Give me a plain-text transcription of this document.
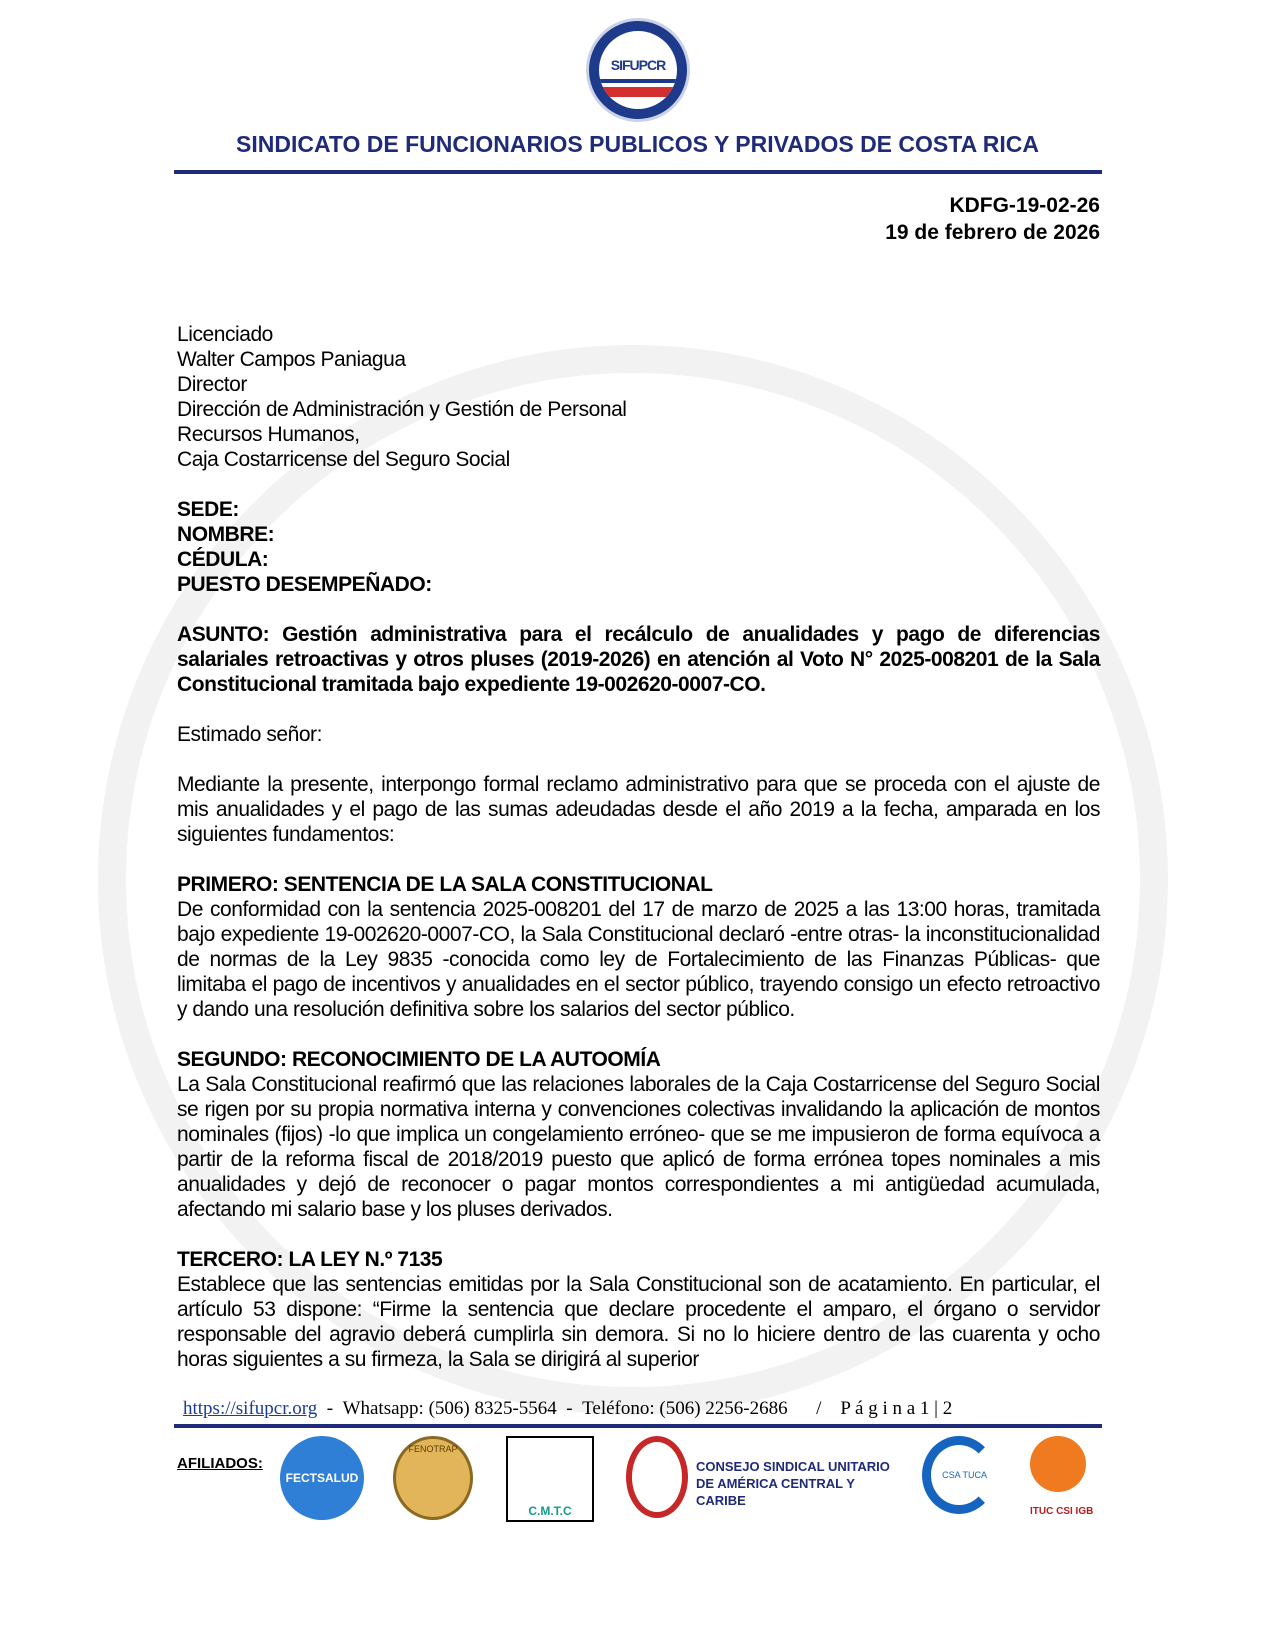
SIFUPCR
SINDICATO DE FUNCIONARIOS PUBLICOS Y PRIVADOS DE COSTA RICA
KDFG-19-02-26
19 de febrero de 2026
Licenciado
Walter Campos Paniagua
Director
Dirección de Administración y Gestión de Personal
Recursos Humanos,
Caja Costarricense del Seguro Social
SEDE:
NOMBRE:
CÉDULA:
PUESTO DESEMPEÑADO:

ASUNTO: Gestión administrativa para el recálculo de anualidades y pago de diferencias salariales retroactivas y otros pluses (2019-2026) en atención al Voto N° 2025-008201 de la Sala Constitucional tramitada bajo expediente 19-002620-0007-CO.

Estimado señor:

Mediante la presente, interpongo formal reclamo administrativo para que se proceda con el ajuste de mis anualidades y el pago de las sumas adeudadas desde el año 2019 a la fecha, amparada en los siguientes fundamentos:

PRIMERO: SENTENCIA DE LA SALA CONSTITUCIONAL

De conformidad con la sentencia 2025-008201 del 17 de marzo de 2025 a las 13:00 horas, tramitada bajo expediente 19-002620-0007-CO, la Sala Constitucional declaró -entre otras- la inconstitucionalidad de normas de la Ley 9835 -conocida como ley de Fortalecimiento de las Finanzas Públicas- que limitaba el pago de incentivos y anualidades en el sector público, trayendo consigo un efecto retroactivo y dando una resolución definitiva sobre los salarios del sector público.

SEGUNDO: RECONOCIMIENTO DE LA AUTOOMÍA

La Sala Constitucional reafirmó que las relaciones laborales de la Caja Costarricense del Seguro Social se rigen por su propia normativa interna y convenciones colectivas invalidando la aplicación de montos nominales (fijos) -lo que implica un congelamiento erróneo- que se me impusieron de forma equívoca a partir de la reforma fiscal de 2018/2019 puesto que aplicó de forma errónea topes nominales a mis anualidades y dejó de reconocer o pagar montos correspondientes a mi antigüedad acumulada, afectando mi salario base y los pluses derivados.

TERCERO: LA LEY N.º 7135

Establece que las sentencias emitidas por la Sala Constitucional son de acatamiento. En particular, el artículo 53 dispone: “Firme la sentencia que declare procedente el amparo, el órgano o servidor responsable del agravio deberá cumplirla sin demora. Si no lo hiciere dentro de las cuarenta y ocho horas siguientes a su firmeza, la Sala se dirigirá al superior

https://sifupcr.org  -  Whatsapp: (506) 8325-5564  -  Teléfono: (506) 2256-2686      /    P á g i n a 1 | 2
AFILIADOS:
FECTSALUD
FENOTRAP
C.M.T.C
CONSEJO SINDICAL UNITARIO DE AMÉRICA CENTRAL Y CARIBE
CSA TUCA
ITUC CSI IGB
